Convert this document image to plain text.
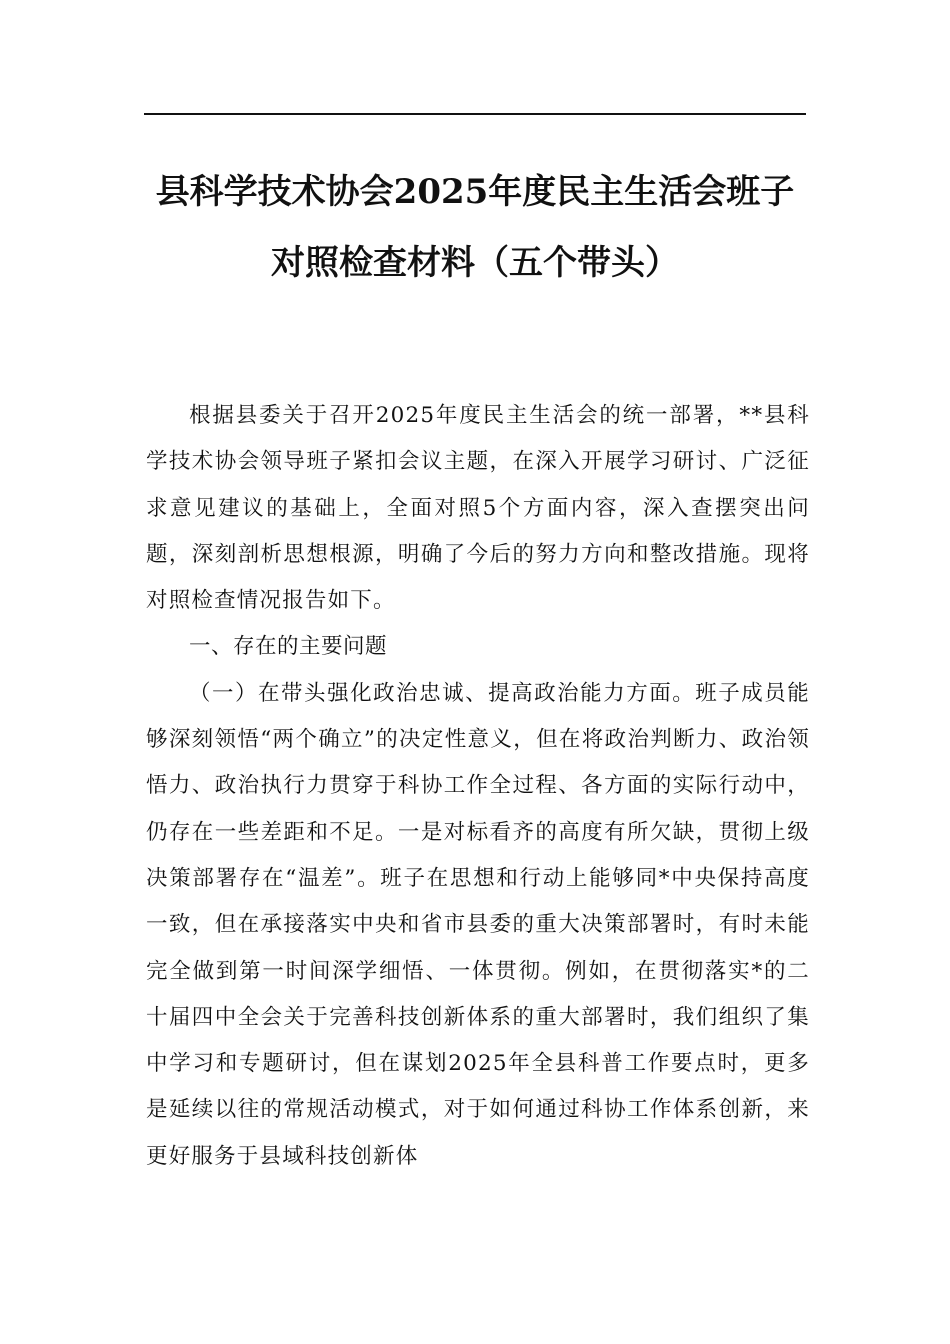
县科学技术协会2025年度民主生活会班子
对照检查材料（五个带头）

根据县委关于召开2025年度民主生活会的统一部署，**县科学技术协会领导班子紧扣会议主题，在深入开展学习研讨、广泛征求意见建议的基础上，全面对照5个方面内容，深入查摆突出问题，深刻剖析思想根源，明确了今后的努力方向和整改措施。现将对照检查情况报告如下。

一、存在的主要问题

（一）在带头强化政治忠诚、提高政治能力方面。班子成员能够深刻领悟“两个确立”的决定性意义，但在将政治判断力、政治领悟力、政治执行力贯穿于科协工作全过程、各方面的实际行动中，仍存在一些差距和不足。一是对标看齐的高度有所欠缺，贯彻上级决策部署存在“温差”。班子在思想和行动上能够同*中央保持高度一致，但在承接落实中央和省市县委的重大决策部署时，有时未能完全做到第一时间深学细悟、一体贯彻。例如，在贯彻落实*的二十届四中全会关于完善科技创新体系的重大部署时，我们组织了集中学习和专题研讨，但在谋划2025年全县科普工作要点时，更多是延续以往的常规活动模式，对于如何通过科协工作体系创新，来更好服务于县域科技创新体
